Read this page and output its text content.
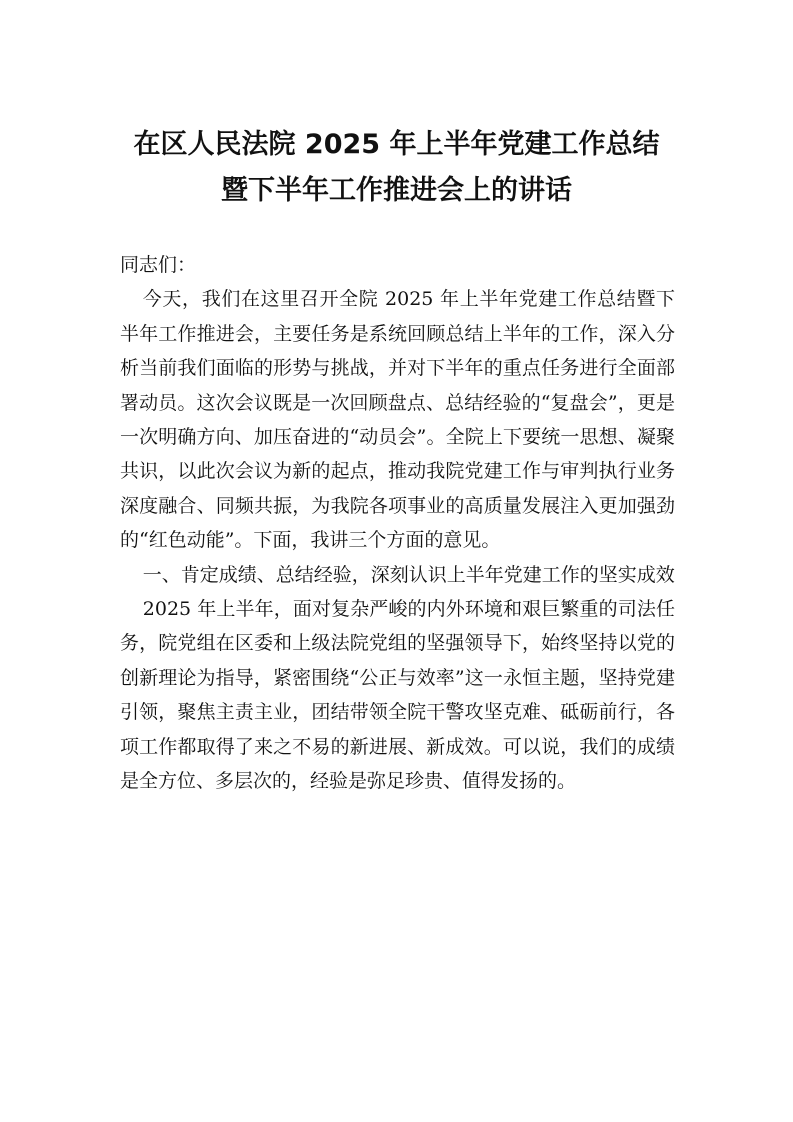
在区人民法院 2025 年上半年党建工作总结
暨下半年工作推进会上的讲话

同志们：

今天，我们在这里召开全院 2025 年上半年党建工作总结暨下半年工作推进会，主要任务是系统回顾总结上半年的工作，深入分析当前我们面临的形势与挑战，并对下半年的重点任务进行全面部署动员。这次会议既是一次回顾盘点、总结经验的“复盘会”，更是一次明确方向、加压奋进的“动员会”。全院上下要统一思想、凝聚共识，以此次会议为新的起点，推动我院党建工作与审判执行业务深度融合、同频共振，为我院各项事业的高质量发展注入更加强劲的“红色动能”。下面，我讲三个方面的意见。

一、肯定成绩、总结经验，深刻认识上半年党建工作的坚实成效

2025 年上半年，面对复杂严峻的内外环境和艰巨繁重的司法任务，院党组在区委和上级法院党组的坚强领导下，始终坚持以党的创新理论为指导，紧密围绕“公正与效率”这一永恒主题，坚持党建引领，聚焦主责主业，团结带领全院干警攻坚克难、砥砺前行，各项工作都取得了来之不易的新进展、新成效。可以说，我们的成绩是全方位、多层次的，经验是弥足珍贵、值得发扬的。
